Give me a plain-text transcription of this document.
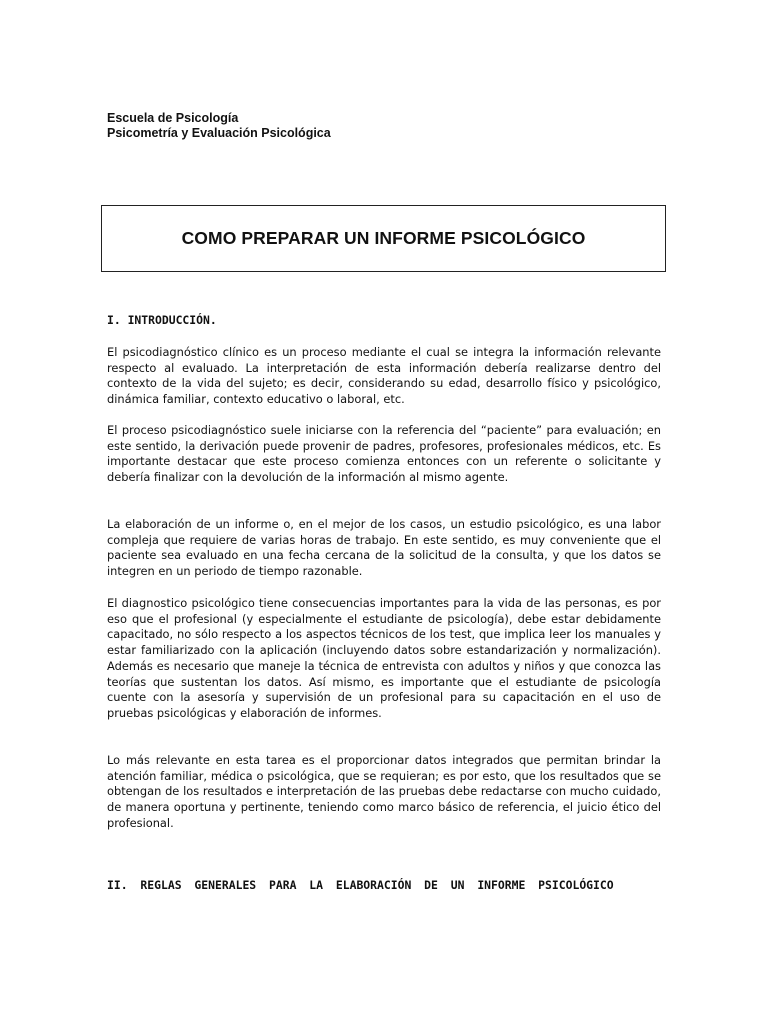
Escuela de Psicología
Psicometría y Evaluación Psicológica
COMO PREPARAR UN INFORME PSICOLÓGICO
I. INTRODUCCIÓN.

El psicodiagnóstico clínico es un proceso mediante el cual se integra la información relevante respecto al evaluado. La interpretación de esta información debería realizarse dentro del contexto de la vida del sujeto; es decir, considerando su edad, desarrollo físico y psicológico, dinámica familiar, contexto educativo o laboral, etc.

El proceso psicodiagnóstico suele iniciarse con la referencia del “paciente” para evaluación; en este sentido, la derivación puede provenir de padres, profesores, profesionales médicos, etc. Es importante destacar que este proceso comienza entonces con un referente o solicitante y debería finalizar con la devolución de la información al mismo agente.

La elaboración de un informe o, en el mejor de los casos, un estudio psicológico, es una labor compleja que requiere de varias horas de trabajo. En este sentido, es muy conveniente que el paciente sea evaluado en una fecha cercana de la solicitud de la consulta, y que los datos se integren en un periodo de tiempo razonable.

El diagnostico psicológico tiene consecuencias importantes para la vida de las personas, es por eso que el profesional (y especialmente el estudiante de psicología), debe estar debidamente capacitado, no sólo respecto a los aspectos técnicos de los test, que implica leer los manuales y estar familiarizado con la aplicación (incluyendo datos sobre estandarización y normalización). Además es necesario que maneje la técnica de entrevista con adultos y niños y que conozca las teorías que sustentan los datos. Así mismo, es importante que el estudiante de psicología cuente con la asesoría y supervisión de un profesional para su capacitación en el uso de pruebas psicológicas y elaboración de informes.

Lo más relevante en esta tarea es el proporcionar datos integrados que permitan brindar la atención familiar, médica o psicológica, que se requieran; es por esto, que los resultados que se obtengan de los resultados e interpretación de las pruebas debe redactarse con mucho cuidado, de manera oportuna y pertinente, teniendo como marco básico de referencia, el juicio ético del profesional.

II. REGLAS GENERALES PARA LA ELABORACIÓN DE UN INFORME PSICOLÓGICO
